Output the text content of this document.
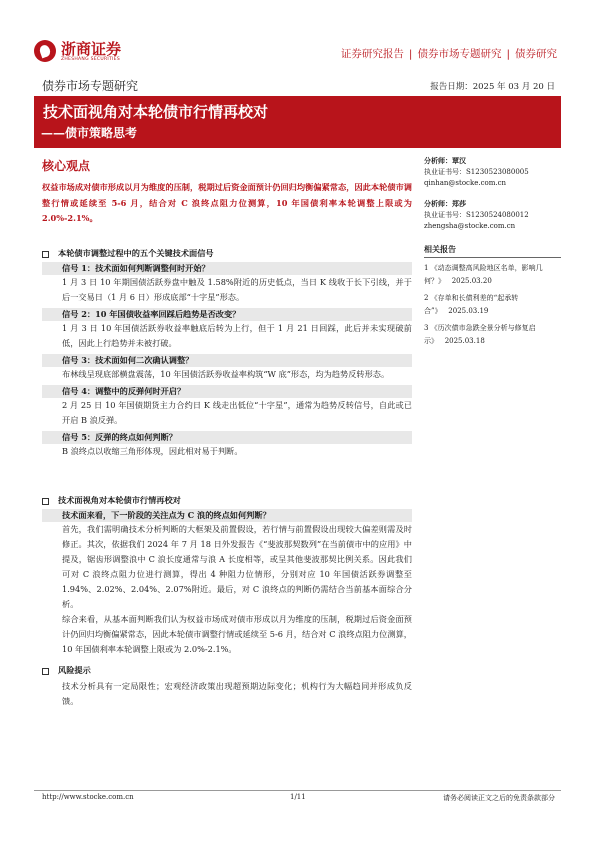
浙商证券
ZHESHANG SECURITIES	证券研究报告 | 债券市场专题研究 | 债券研究
债券市场专题研究	报告日期：2025 年 03 月 20 日
技术面视角对本轮债市行情再校对
——债市策略思考
核心观点
权益市场成对债市形成以月为维度的压制，税期过后资金面预计仍回归均衡偏紧常态，因此本轮债市调整行情或延续至 5-6 月，结合对 C 浪终点阻力位测算，10 年国债利率本轮调整上限或为 2.0%-2.1%。
分析师：覃汉
执业证书号：S1230523080005
qinhan@stocke.com.cn
分析师：郑莎
执业证书号：S1230524080012
zhengsha@stocke.com.cn
相关报告
1 《动态调整高风险地区名单，影响几何？》 2025.03.20
2 《存单和长债利差的“起承转合”》 2025.03.19
3 《历次债市急跌全景分析与修复启示》 2025.03.18
本轮债市调整过程中的五个关键技术面信号
信号 1：技术面如何判断调整何时开始？
1 月 3 日 10 年期国债活跃券盘中触及 1.58%附近的历史低点，当日 K 线收于长下引线，并于后一交易日（1 月 6 日）形成底部“十字星”形态。
信号 2：10 年国债收益率回踩后趋势是否改变？
1 月 3 日 10 年国债活跃券收益率触底后转为上行，但于 1 月 21 日回踩，此后并未实现破前低，因此上行趋势并未被打破。
信号 3：技术面如何二次确认调整？
布林线呈现底部横盘震荡，10 年国债活跃券收益率构筑“W 底”形态，均为趋势反转形态。
信号 4：调整中的反弹何时开启？
2 月 25 日 10 年国债期货主力合约日 K 线走出低位“十字星”，通常为趋势反转信号，自此或已开启 B 浪反弹。
信号 5：反弹的终点如何判断？
B 浪终点以收缩三角形体现，因此相对易于判断。
技术面视角对本轮债市行情再校对
技术面来看，下一阶段的关注点为 C 浪的终点如何判断？
首先，我们需明确技术分析判断的大框架及前置假设，若行情与前置假设出现较大偏差则需及时修正。其次，依据我们 2024 年 7 月 18 日外发报告《“斐波那契数列”在当前债市中的应用》中提及，锯齿形调整浪中 C 浪长度通常与浪 A 长度相等，或呈其他斐波那契比例关系。因此我们可对 C 浪终点阻力位进行测算，得出 4 种阻力位情形，分别对应 10 年国债活跃券调整至 1.94%、2.02%、2.04%、2.07%附近。最后，对 C 浪终点的判断仍需结合当前基本面综合分析。
综合来看，从基本面判断我们认为权益市场成对债市形成以月为维度的压制，税期过后资金面预计仍回归均衡偏紧常态，因此本轮债市调整行情或延续至 5-6 月，结合对 C 浪终点阻力位测算，10 年国债利率本轮调整上限或为 2.0%-2.1%。
风险提示
技术分析具有一定局限性；宏观经济政策出现超预期边际变化；机构行为大幅趋同并形成负反馈。
http://www.stocke.com.cn	1/11	请务必阅读正文之后的免责条款部分
